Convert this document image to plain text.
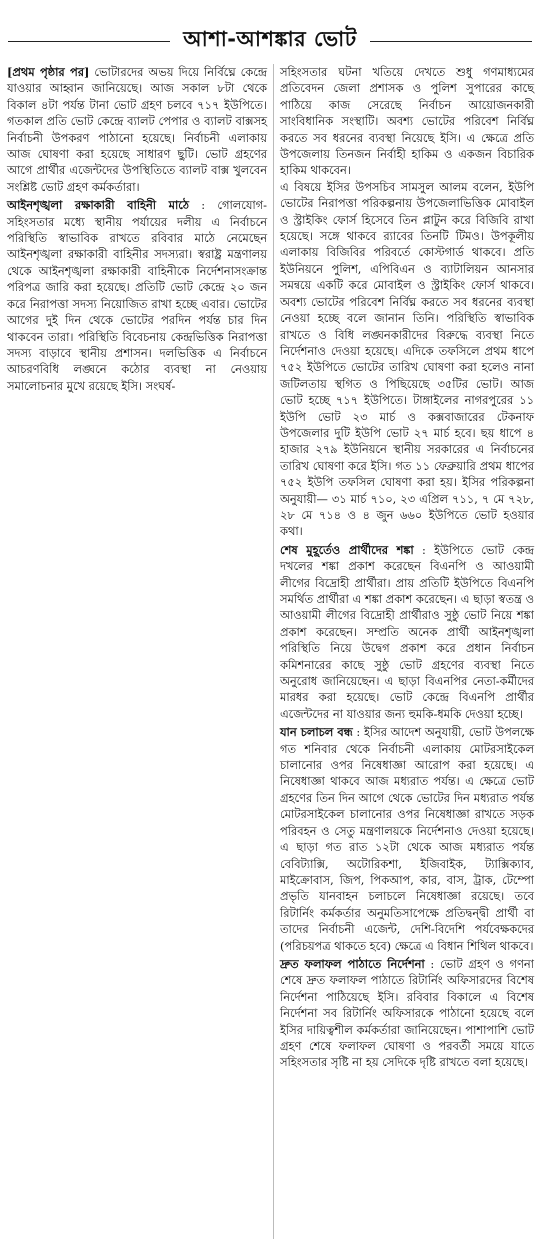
আশা-আশঙ্কার ভোট

[প্রথম পৃষ্ঠার পর] ভোটারদের অভয় দিয়ে নির্বিঘ্নে কেন্দ্রে যাওয়ার আহ্বান জানিয়েছে। আজ সকাল ৮টা থেকে বিকাল ৪টা পর্যন্ত টানা ভোট গ্রহণ চলবে ৭১৭ ইউপিতে। গতকাল প্রতি ভোট কেন্দ্রে ব্যালট পেপার ও ব্যালট বাক্সসহ নির্বাচনী উপকরণ পাঠানো হয়েছে। নির্বাচনী এলাকায় আজ ঘোষণা করা হয়েছে সাধারণ ছুটি। ভোট গ্রহণের আগে প্রার্থীর এজেন্টদের উপস্থিতিতে ব্যালট বাক্স খুলবেন সংশ্লিষ্ট ভোট গ্রহণ কর্মকর্তারা।

আইনশৃঙ্খলা রক্ষাকারী বাহিনী মাঠে : গোলযোগ-সহিংসতার মধ্যে স্থানীয় পর্যায়ের দলীয় এ নির্বাচনে পরিস্থিতি স্বাভাবিক রাখতে রবিবার মাঠে নেমেছেন আইনশৃঙ্খলা রক্ষাকারী বাহিনীর সদস্যরা। স্বরাষ্ট্র মন্ত্রণালয় থেকে আইনশৃঙ্খলা রক্ষাকারী বাহিনীকে নির্দেশনাসংক্রান্ত পরিপত্র জারি করা হয়েছে। প্রতিটি ভোট কেন্দ্রে ২০ জন করে নিরাপত্তা সদস্য নিয়োজিত রাখা হচ্ছে এবার। ভোটের আগের দুই দিন থেকে ভোটের পরদিন পর্যন্ত চার দিন থাকবেন তারা। পরিস্থিতি বিবেচনায় কেন্দ্রভিত্তিক নিরাপত্তা সদস্য বাড়াবে স্থানীয় প্রশাসন। দলভিত্তিক এ নির্বাচনে আচরণবিধি লঙ্ঘনে কঠোর ব্যবস্থা না নেওয়ায় সমালোচনার মুখে রয়েছে ইসি। সংঘর্ষ-

সহিংসতার ঘটনা খতিয়ে দেখতে শুধু গণমাধ্যমের প্রতিবেদন জেলা প্রশাসক ও পুলিশ সুপারের কাছে পাঠিয়ে কাজ সেরেছে নির্বাচন আয়োজনকারী সাংবিধানিক সংস্থাটি। অবশ্য ভোটের পরিবেশ নির্বিঘ্ন করতে সব ধরনের ব্যবস্থা নিয়েছে ইসি। এ ক্ষেত্রে প্রতি উপজেলায় তিনজন নির্বাহী হাকিম ও একজন বিচারিক হাকিম থাকবেন।

এ বিষয়ে ইসির উপসচিব সামসুল আলম বলেন, ইউপি ভোটের নিরাপত্তা পরিকল্পনায় উপজেলাভিত্তিক মোবাইল ও স্ট্রাইকিং ফোর্স হিসেবে তিন প্লাটুন করে বিজিবি রাখা হয়েছে। সঙ্গে থাকবে র‌্যাবের তিনটি টিমও। উপকূলীয় এলাকায় বিজিবির পরিবর্তে কোস্টগার্ড থাকবে। প্রতি ইউনিয়নে পুলিশ, এপিবিএন ও ব্যাটালিয়ন আনসার সমন্বয়ে একটি করে মোবাইল ও স্ট্রাইকিং ফোর্স থাকবে। অবশ্য ভোটের পরিবেশ নির্বিঘ্ন করতে সব ধরনের ব্যবস্থা নেওয়া হচ্ছে বলে জানান তিনি। পরিস্থিতি স্বাভাবিক রাখতে ও বিধি লঙ্ঘনকারীদের বিরুদ্ধে ব্যবস্থা নিতে নির্দেশনাও দেওয়া হয়েছে। এদিকে তফসিলে প্রথম ধাপে ৭৫২ ইউপিতে ভোটের তারিখ ঘোষণা করা হলেও নানা জটিলতায় স্থগিত ও পিছিয়েছে ৩৫টির ভোট। আজ ভোট হচ্ছে ৭১৭ ইউপিতে। টাঙ্গাইলের নাগরপুরের ১১ ইউপি ভোট ২৩ মার্চ ও কক্সবাজারের টেকনাফ উপজেলার দুটি ইউপি ভোট ২৭ মার্চ হবে। ছয় ধাপে ৪ হাজার ২৭৯ ইউনিয়নে স্থানীয় সরকারের এ নির্বাচনের তারিখ ঘোষণা করে ইসি। গত ১১ ফেব্রুয়ারি প্রথম ধাপের ৭৫২ ইউপি তফসিল ঘোষণা করা হয়। ইসির পরিকল্পনা অনুযায়ী— ৩১ মার্চ ৭১০, ২৩ এপ্রিল ৭১১, ৭ মে ৭২৮, ২৮ মে ৭১৪ ও ৪ জুন ৬৬০ ইউপিতে ভোট হওয়ার কথা।

শেষ মুহূর্তেও প্রার্থীদের শঙ্কা : ইউপিতে ভোট কেন্দ্র দখলের শঙ্কা প্রকাশ করেছেন বিএনপি ও আওয়ামী লীগের বিদ্রোহী প্রার্থীরা। প্রায় প্রতিটি ইউপিতে বিএনপি সমর্থিত প্রার্থীরা এ শঙ্কা প্রকাশ করেছেন। এ ছাড়া স্বতন্ত্র ও আওয়ামী লীগের বিদ্রোহী প্রার্থীরাও সুষ্ঠু ভোট নিয়ে শঙ্কা প্রকাশ করেছেন। সম্প্রতি অনেক প্রার্থী আইনশৃঙ্খলা পরিস্থিতি নিয়ে উদ্বেগ প্রকাশ করে প্রধান নির্বাচন কমিশনারের কাছে সুষ্ঠু ভোট গ্রহণের ব্যবস্থা নিতে অনুরোধ জানিয়েছেন। এ ছাড়া বিএনপির নেতা-কর্মীদের মারধর করা হয়েছে। ভোট কেন্দ্রে বিএনপি প্রার্থীর এজেন্টদের না যাওয়ার জন্য হুমকি-ধমকি দেওয়া হচ্ছে।

যান চলাচল বন্ধ : ইসির আদেশ অনুযায়ী, ভোট উপলক্ষে গত শনিবার থেকে নির্বাচনী এলাকায় মোটরসাইকেল চালানোর ওপর নিষেধাজ্ঞা আরোপ করা হয়েছে। এ নিষেধাজ্ঞা থাকবে আজ মধ্যরাত পর্যন্ত। এ ক্ষেত্রে ভোট গ্রহণের তিন দিন আগে থেকে ভোটের দিন মধ্যরাত পর্যন্ত মোটরসাইকেল চালানোর ওপর নিষেধাজ্ঞা রাখতে সড়ক পরিবহন ও সেতু মন্ত্রণালয়কে নির্দেশনাও দেওয়া হয়েছে। এ ছাড়া গত রাত ১২টা থেকে আজ মধ্যরাত পর্যন্ত বেবিট্যাক্সি, অটোরিকশা, ইজিবাইক, ট্যাক্সিক্যাব, মাইক্রোবাস, জিপ, পিকআপ, কার, বাস, ট্রাক, টেম্পো প্রভৃতি যানবাহন চলাচলে নিষেধাজ্ঞা রয়েছে। তবে রিটার্নিং কর্মকর্তার অনুমতিসাপেক্ষে প্রতিদ্বন্দ্বী প্রার্থী বা তাদের নির্বাচনী এজেন্ট, দেশি-বিদেশি পর্যবেক্ষকদের (পরিচয়পত্র থাকতে হবে) ক্ষেত্রে এ বিধান শিথিল থাকবে।

দ্রুত ফলাফল পাঠাতে নির্দেশনা : ভোট গ্রহণ ও গণনা শেষে দ্রুত ফলাফল পাঠাতে রিটার্নিং অফিসারদের বিশেষ নির্দেশনা পাঠিয়েছে ইসি। রবিবার বিকালে এ বিশেষ নির্দেশনা সব রিটার্নিং অফিসারকে পাঠানো হয়েছে বলে ইসির দায়িত্বশীল কর্মকর্তারা জানিয়েছেন। পাশাপাশি ভোট গ্রহণ শেষে ফলাফল ঘোষণা ও পরবর্তী সময়ে যাতে সহিংসতার সৃষ্টি না হয় সেদিকে দৃষ্টি রাখতে বলা হয়েছে।
